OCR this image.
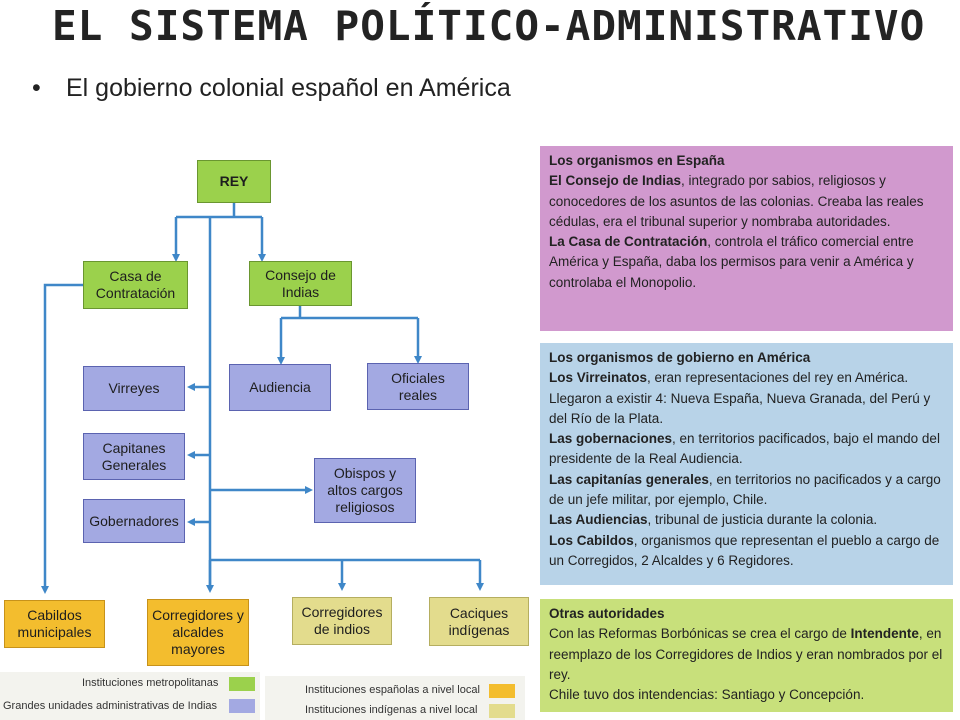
EL SISTEMA POLÍTICO-ADMINISTRATIVO
• El gobierno colonial español en América
REY
Casa de Contratación
Consejo de Indias
Virreyes	Audiencia
Oficiales reales
Capitanes Generales
Obispos y altos cargos religiosos
Gobernadores
Cabildos municipales
Corregidores y alcaldes mayores
Corregidores de indios
Caciques indígenas
Instituciones metropolitanas
Grandes unidades administrativas de Indias
Instituciones españolas a nivel local
Instituciones indígenas a nivel local

Los organismos en España

El Consejo de Indias, integrado por sabios, religiosos y conocedores de los asuntos de las colonias. Creaba las reales cédulas, era el tribunal superior y nombraba autoridades.

La Casa de Contratación, controla el tráfico comercial entre América y España, daba los permisos para venir a América y controlaba el Monopolio.

Los organismos de gobierno en América

Los Virreinatos, eran representaciones del rey en América. Llegaron a existir 4: Nueva España, Nueva Granada, del Perú y del Río de la Plata.

Las gobernaciones, en territorios pacificados, bajo el mando del presidente de la Real Audiencia.

Las capitanías generales, en territorios no pacificados y a cargo de un jefe militar, por ejemplo, Chile.

Las Audiencias, tribunal de justicia durante la colonia.

Los Cabildos, organismos que representan el pueblo a cargo de un Corregidos, 2 Alcaldes y 6 Regidores.

Otras autoridades

Con las Reformas Borbónicas se crea el cargo de Intendente, en reemplazo de los Corregidores de Indios y eran nombrados por el rey.

Chile tuvo dos intendencias: Santiago y Concepción.
